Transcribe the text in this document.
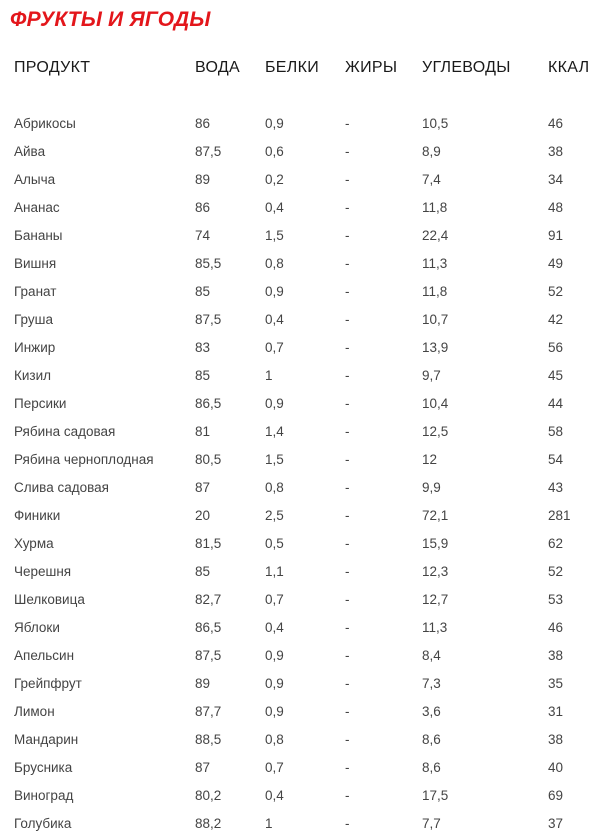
ФРУКТЫ И ЯГОДЫ
ПРОДУКТ	ВОДА	БЕЛКИ	ЖИРЫ	УГЛЕВОДЫ	ККАЛ

Абрикосы	86	0,9	-	10,5	46
Айва	87,5	0,6	-	8,9	38
Алыча	89	0,2	-	7,4	34
Ананас	86	0,4	-	11,8	48
Бананы	74	1,5	-	22,4	91
Вишня	85,5	0,8	-	11,3	49
Гранат	85	0,9	-	11,8	52
Груша	87,5	0,4	-	10,7	42
Инжир	83	0,7	-	13,9	56
Кизил	85	1	-	9,7	45
Персики	86,5	0,9	-	10,4	44
Рябина садовая	81	1,4	-	12,5	58
Рябина черноплодная	80,5	1,5	-	12	54
Слива садовая	87	0,8	-	9,9	43
Финики	20	2,5	-	72,1	281
Хурма	81,5	0,5	-	15,9	62
Черешня	85	1,1	-	12,3	52
Шелковица	82,7	0,7	-	12,7	53
Яблоки	86,5	0,4	-	11,3	46
Апельсин	87,5	0,9	-	8,4	38
Грейпфрут	89	0,9	-	7,3	35
Лимон	87,7	0,9	-	3,6	31
Мандарин	88,5	0,8	-	8,6	38
Брусника	87	0,7	-	8,6	40
Виноград	80,2	0,4	-	17,5	69
Голубика	88,2	1	-	7,7	37
